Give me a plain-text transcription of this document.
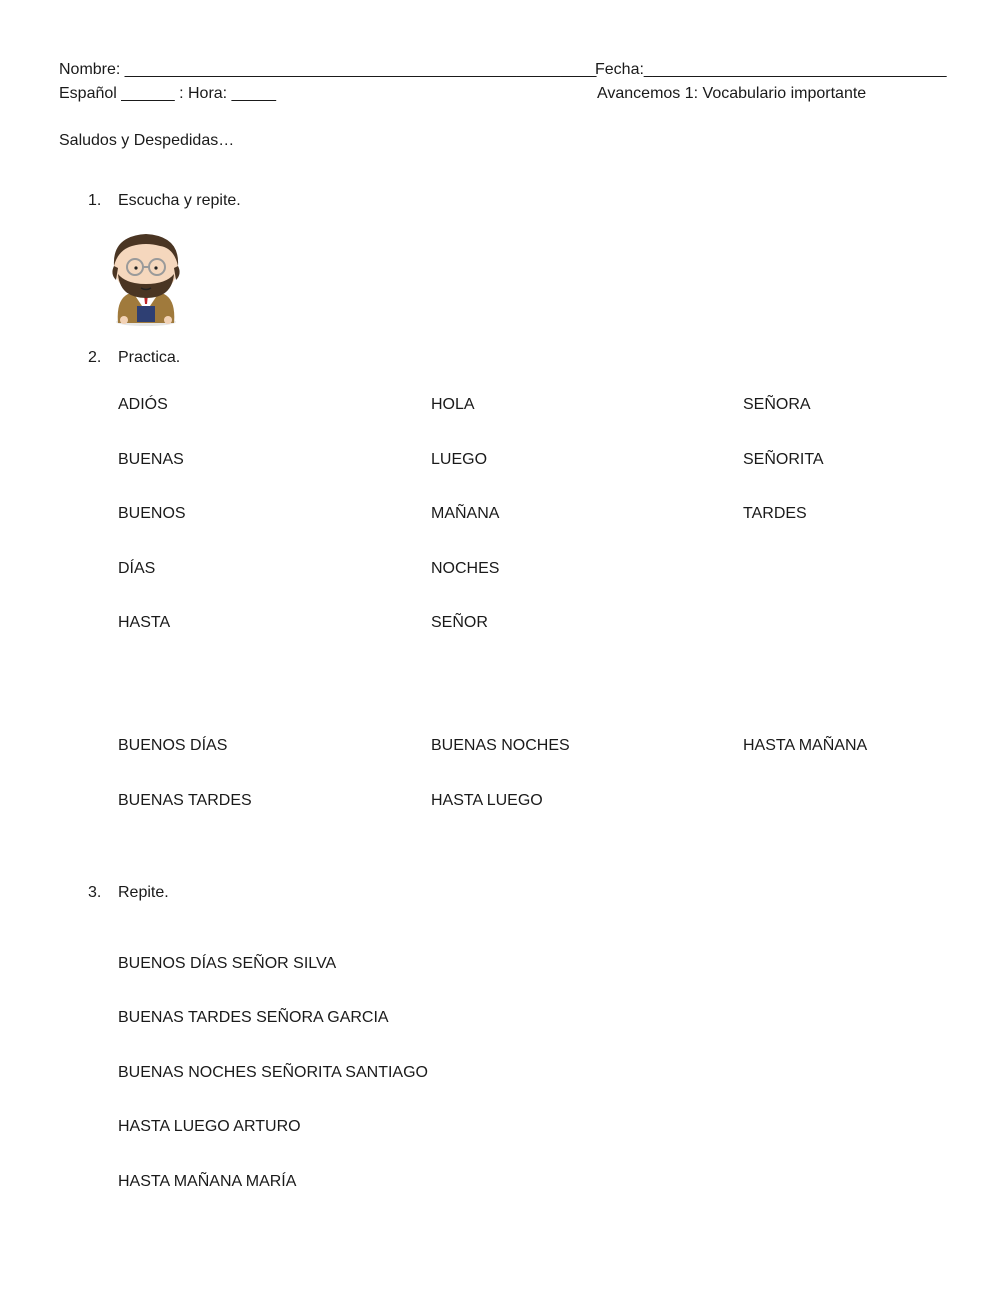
Nombre: _____________________________________________________
Fecha:__________________________________
Español ______ : Hora: _____	Avancemos 1: Vocabulario importante
Saludos y Despedidas…
1. Escucha y repite.
2. Practica.
ADIÓS	HOLA	SEÑORA
BUENAS	LUEGO	SEÑORITA
BUENOS	MAÑANA	TARDES
DÍAS	NOCHES
HASTA	SEÑOR
BUENOS DÍAS	BUENAS NOCHES	HASTA MAÑANA
BUENAS TARDES	HASTA LUEGO
3. Repite.
BUENOS DÍAS SEÑOR SILVA
BUENAS TARDES SEÑORA GARCIA
BUENAS NOCHES SEÑORITA SANTIAGO
HASTA LUEGO ARTURO
HASTA MAÑANA MARÍA
